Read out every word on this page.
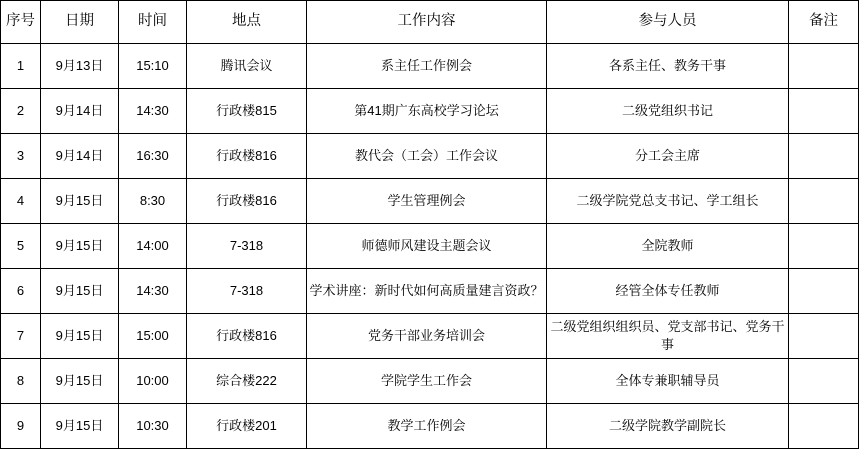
序号	日期	时间	地点	工作内容	参与人员	备注
1	9月13日	15:10	腾讯会议	系主任工作例会	各系主任、教务干事	
2	9月14日	14:30	行政楼815	第41期广东高校学习论坛	二级党组织书记	
3	9月14日	16:30	行政楼816	教代会（工会）工作会议	分工会主席	
4	9月15日	8:30	行政楼816	学生管理例会	二级学院党总支书记、学工组长	
5	9月15日	14:00	7-318	师德师风建设主题会议	全院教师	
6	9月15日	14:30	7-318	学术讲座：新时代如何高质量建言资政？	经管全体专任教师	
7	9月15日	15:00	行政楼816	党务干部业务培训会	二级党组织组织员、党支部书记、党务干事	
8	9月15日	10:00	综合楼222	学院学生工作会	全体专兼职辅导员	
9	9月15日	10:30	行政楼201	教学工作例会	二级学院教学副院长	
